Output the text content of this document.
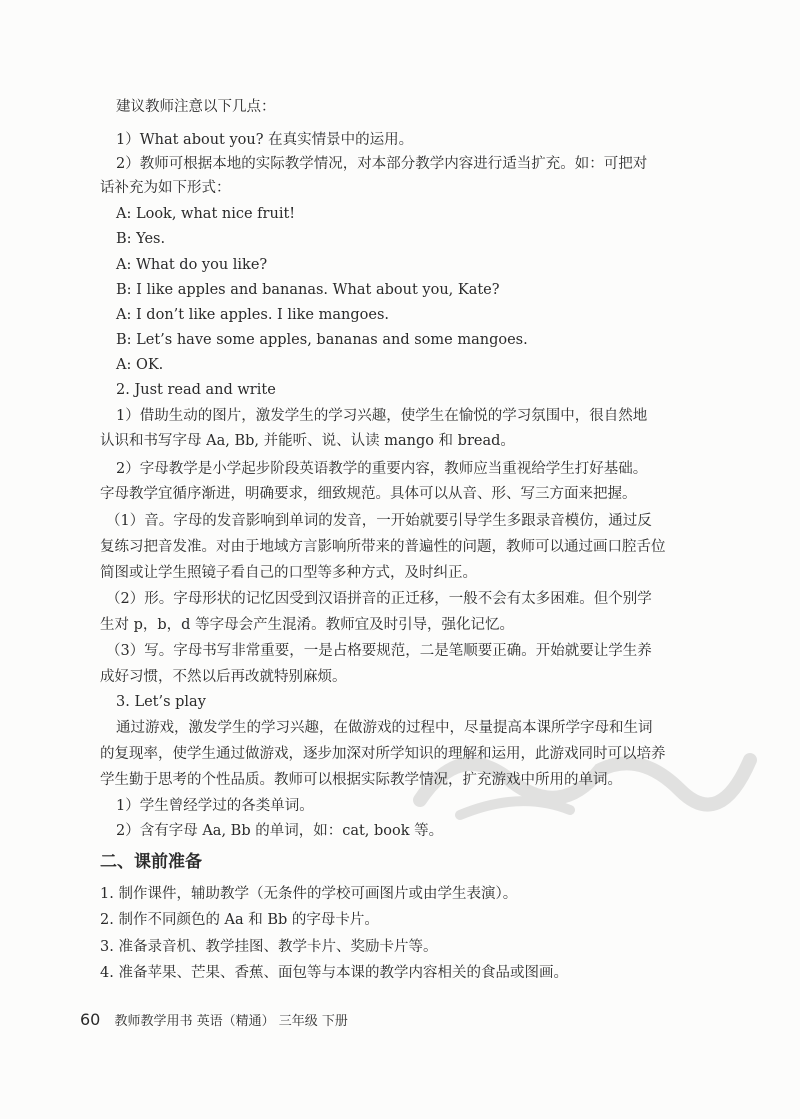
建议教师注意以下几点：
1）What about you? 在真实情景中的运用。
2）教师可根据本地的实际教学情况，对本部分教学内容进行适当扩充。如：可把对
话补充为如下形式：
A: Look, what nice fruit!
B: Yes.
A: What do you like?
B: I like apples and bananas. What about you, Kate?
A: I don’t like apples. I like mangoes.
B: Let’s have some apples, bananas and some mangoes.
A: OK.
2. Just read and write
1）借助生动的图片，激发学生的学习兴趣，使学生在愉悦的学习氛围中，很自然地
认识和书写字母 Aa, Bb, 并能听、说、认读 mango 和 bread。
2）字母教学是小学起步阶段英语教学的重要内容，教师应当重视给学生打好基础。
字母教学宜循序渐进，明确要求，细致规范。具体可以从音、形、写三方面来把握。
（1）音。字母的发音影响到单词的发音，一开始就要引导学生多跟录音模仿，通过反
复练习把音发准。对由于地域方言影响所带来的普遍性的问题，教师可以通过画口腔舌位
简图或让学生照镜子看自己的口型等多种方式，及时纠正。
（2）形。字母形状的记忆因受到汉语拼音的正迁移，一般不会有太多困难。但个别学
生对 p，b，d 等字母会产生混淆。教师宜及时引导，强化记忆。
（3）写。字母书写非常重要，一是占格要规范，二是笔顺要正确。开始就要让学生养
成好习惯，不然以后再改就特别麻烦。
3. Let’s play
通过游戏，激发学生的学习兴趣，在做游戏的过程中，尽量提高本课所学字母和生词
的复现率，使学生通过做游戏，逐步加深对所学知识的理解和运用，此游戏同时可以培养
学生勤于思考的个性品质。教师可以根据实际教学情况，扩充游戏中所用的单词。
1）学生曾经学过的各类单词。
2）含有字母 Aa, Bb 的单词，如：cat, book 等。
二、课前准备
1. 制作课件，辅助教学（无条件的学校可画图片或由学生表演）。
2. 制作不同颜色的 Aa 和 Bb 的字母卡片。
3. 准备录音机、教学挂图、教学卡片、奖励卡片等。
4. 准备苹果、芒果、香蕉、面包等与本课的教学内容相关的食品或图画。
60 教师教学用书 英语（精通） 三年级 下册
